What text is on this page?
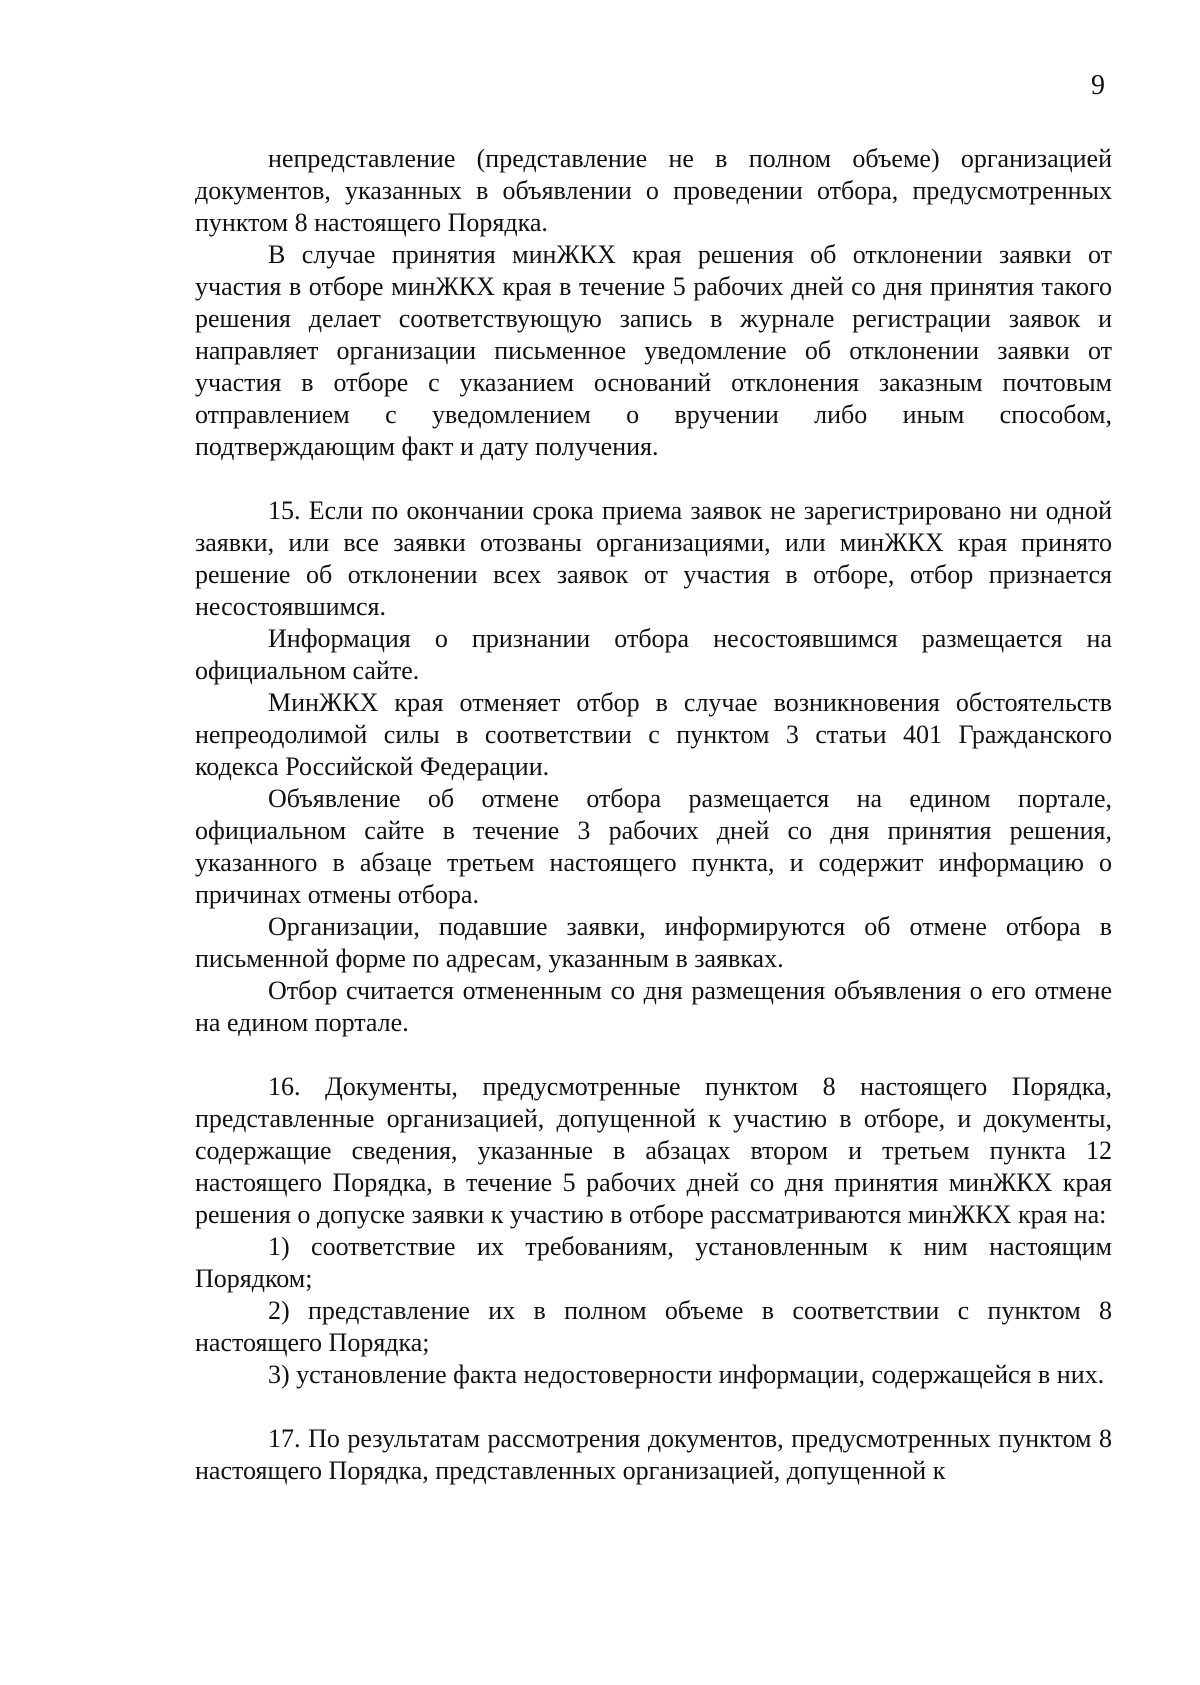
9

непредставление (представление не в полном объеме) организацией документов, указанных в объявлении о проведении отбора, предусмотренных пунктом 8 настоящего Порядка.

В случае принятия минЖКХ края решения об отклонении заявки от участия в отборе минЖКХ края в течение 5 рабочих дней со дня принятия такого решения делает соответствующую запись в журнале регистрации заявок и направляет организации письменное уведомление об отклонении заявки от участия в отборе с указанием оснований отклонения заказным почтовым отправлением с уведомлением о вручении либо иным способом, подтверждающим факт и дату получения.

15. Если по окончании срока приема заявок не зарегистрировано ни одной заявки, или все заявки отозваны организациями, или минЖКХ края принято решение об отклонении всех заявок от участия в отборе, отбор признается несостоявшимся.

Информация о признании отбора несостоявшимся размещается на официальном сайте.

МинЖКХ края отменяет отбор в случае возникновения обстоятельств непреодолимой силы в соответствии с пунктом 3 статьи 401 Гражданского кодекса Российской Федерации.

Объявление об отмене отбора размещается на едином портале, официальном сайте в течение 3 рабочих дней со дня принятия решения, указанного в абзаце третьем настоящего пункта, и содержит информацию о причинах отмены отбора.

Организации, подавшие заявки, информируются об отмене отбора в письменной форме по адресам, указанным в заявках.

Отбор считается отмененным со дня размещения объявления о его отмене на едином портале.

16. Документы, предусмотренные пунктом 8 настоящего Порядка, представленные организацией, допущенной к участию в отборе, и документы, содержащие сведения, указанные в абзацах втором и третьем пункта 12 настоящего Порядка, в течение 5 рабочих дней со дня принятия минЖКХ края решения о допуске заявки к участию в отборе рассматриваются минЖКХ края на:

1) соответствие их требованиям, установленным к ним настоящим Порядком;

2) представление их в полном объеме в соответствии с пунктом 8 настоящего Порядка;

3) установление факта недостоверности информации, содержащейся в них.

17. По результатам рассмотрения документов, предусмотренных пунктом 8 настоящего Порядка, представленных организацией, допущенной к
